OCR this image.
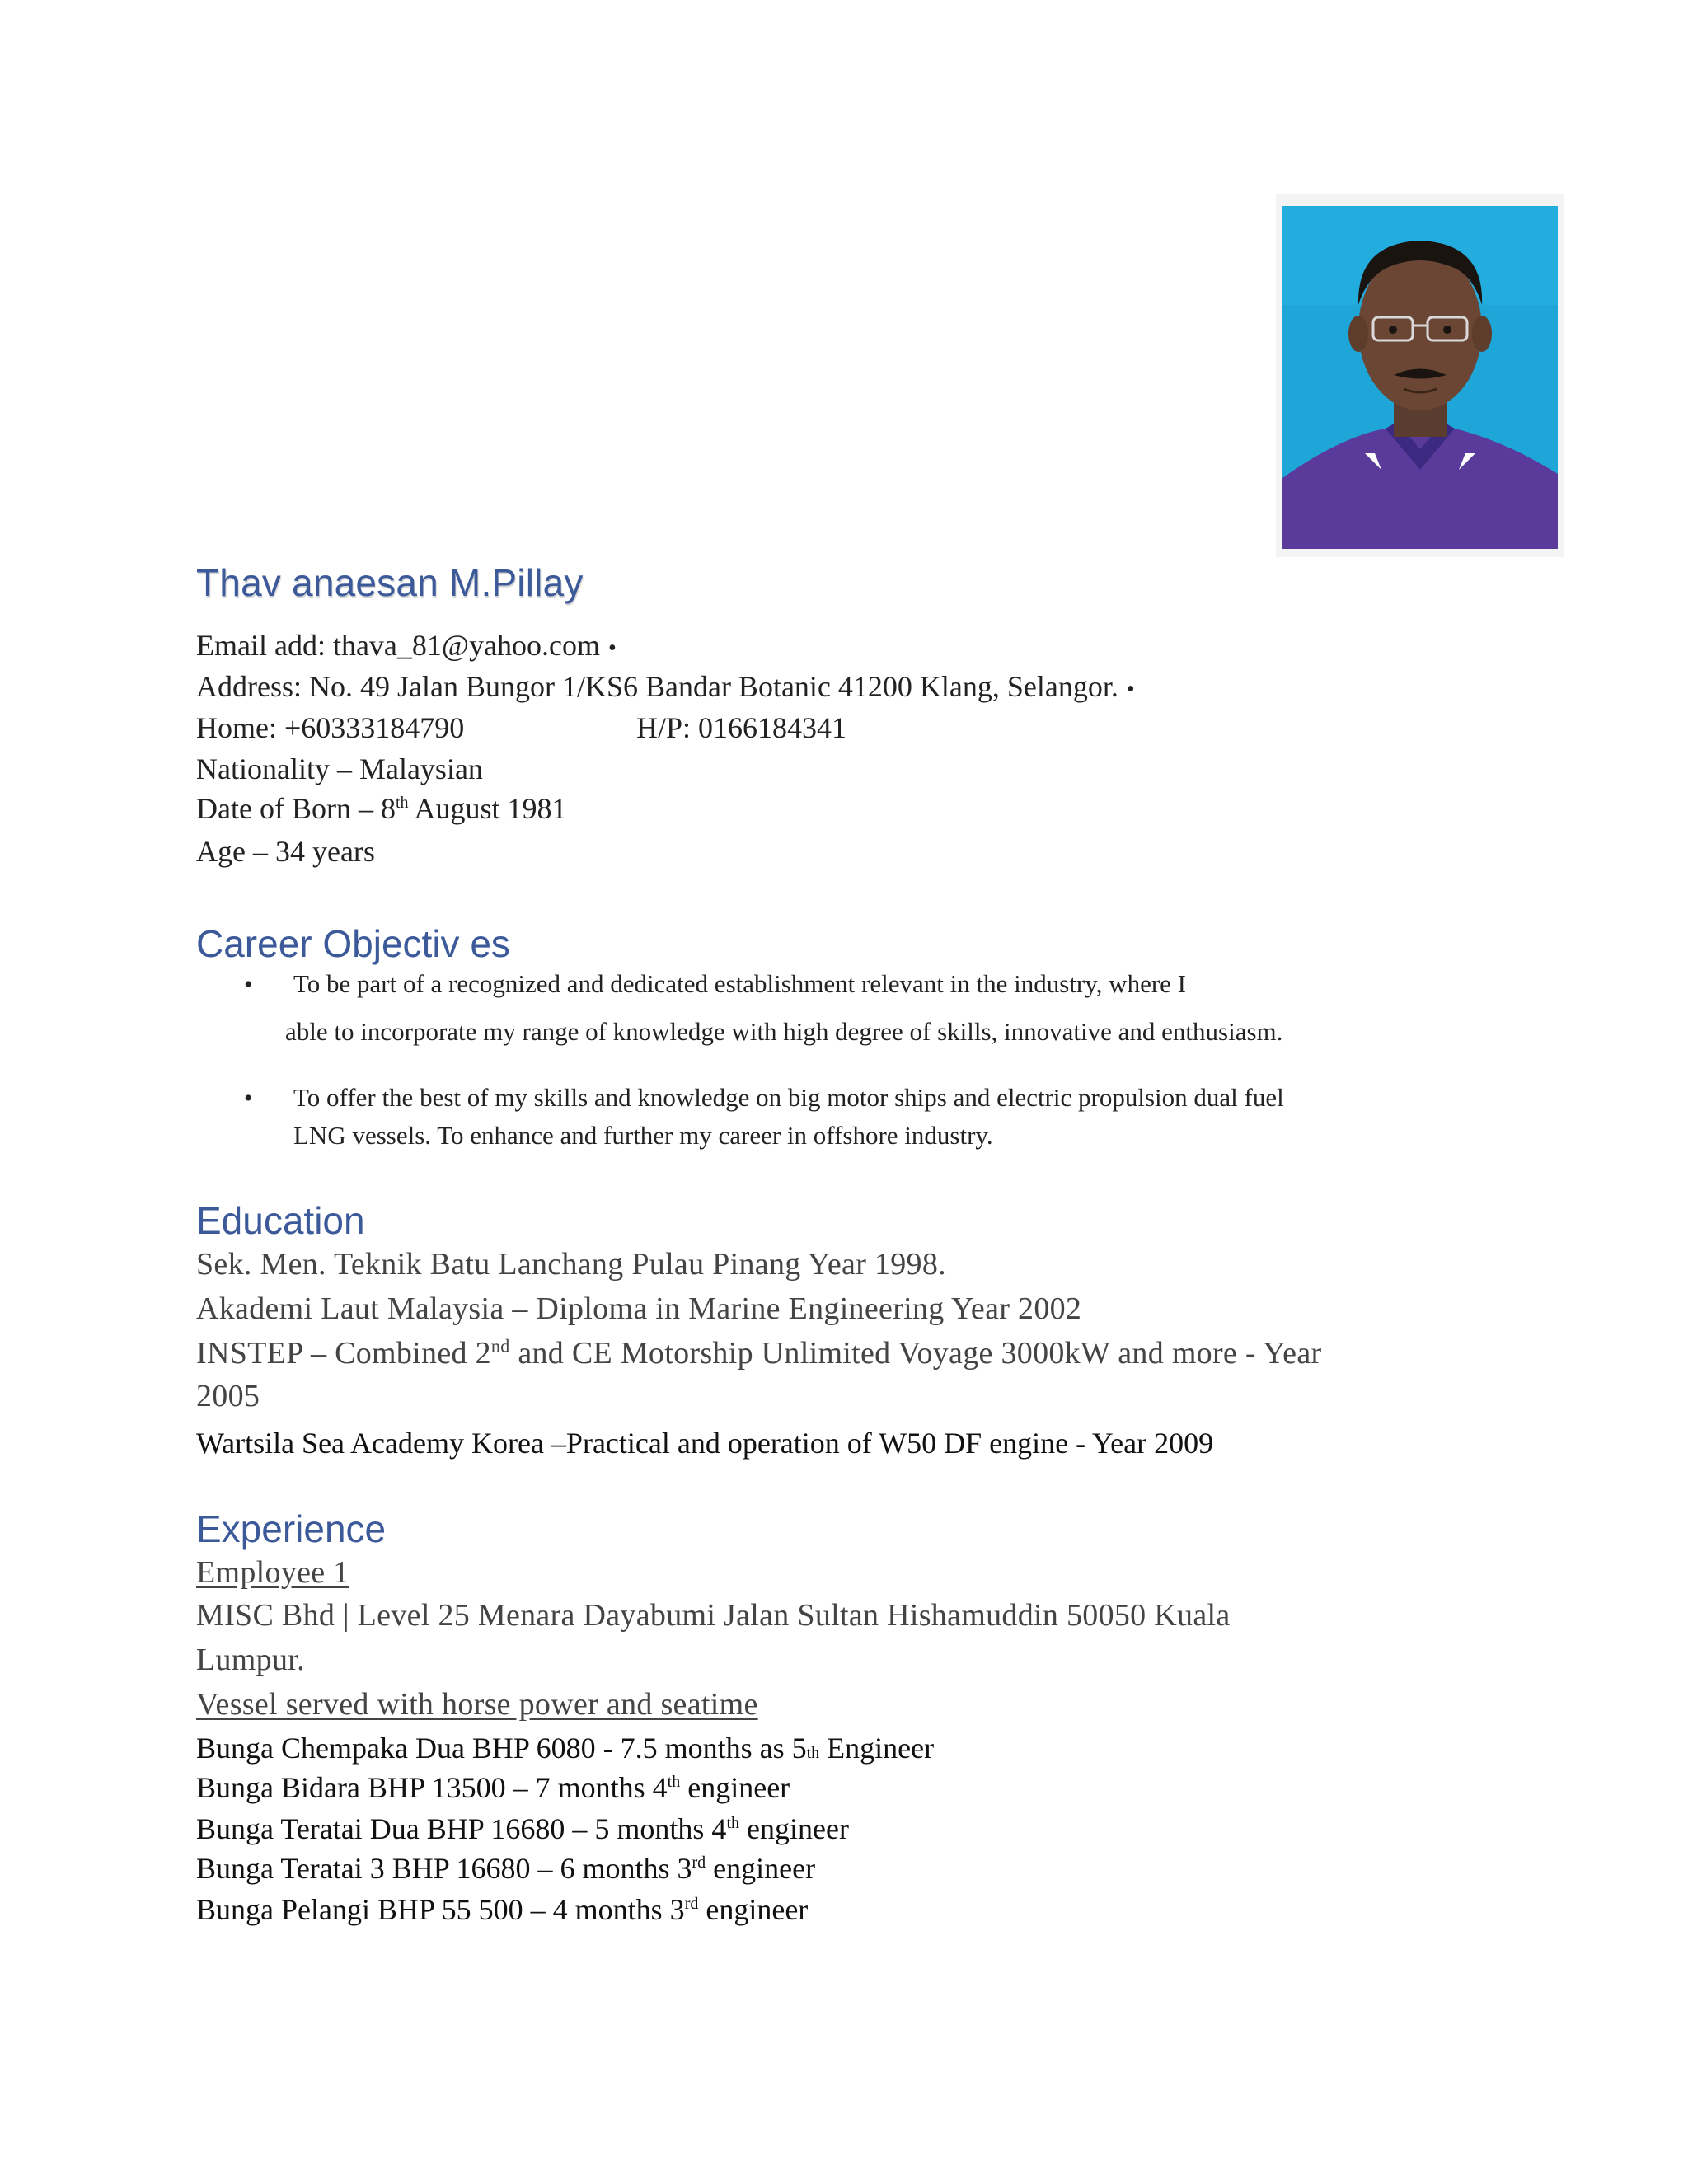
Thav anaesan M.Pillay
Email add: thava_81@yahoo.com •
Address: No. 49 Jalan Bungor 1/KS6 Bandar Botanic 41200 Klang, Selangor. •
Home: +60333184790	H/P: 0166184341
Nationality – Malaysian
Date of Born – 8th August 1981
Age – 34 years
Career Objectiv es
• To be part of a recognized and dedicated establishment relevant in the industry, where I
able to incorporate my range of knowledge with high degree of skills, innovative and enthusiasm.
• To offer the best of my skills and knowledge on big motor ships and electric propulsion dual fuel
LNG vessels. To enhance and further my career in offshore industry.
Education
Sek. Men. Teknik Batu Lanchang Pulau Pinang Year 1998.
Akademi Laut Malaysia – Diploma in Marine Engineering Year 2002
INSTEP – Combined 2nd and CE Motorship Unlimited Voyage 3000kW and more - Year
2005
Wartsila Sea Academy Korea –Practical and operation of W50 DF engine - Year 2009
Experience
Employee 1
MISC Bhd | Level 25 Menara Dayabumi Jalan Sultan Hishamuddin 50050 Kuala
Lumpur.
Vessel served with horse power and seatime
Bunga Chempaka Dua BHP 6080 - 7.5 months as 5th Engineer
Bunga Bidara BHP 13500 – 7 months 4th engineer
Bunga Teratai Dua BHP 16680 – 5 months 4th engineer
Bunga Teratai 3 BHP 16680 – 6 months 3rd engineer
Bunga Pelangi BHP 55 500 – 4 months 3rd engineer
